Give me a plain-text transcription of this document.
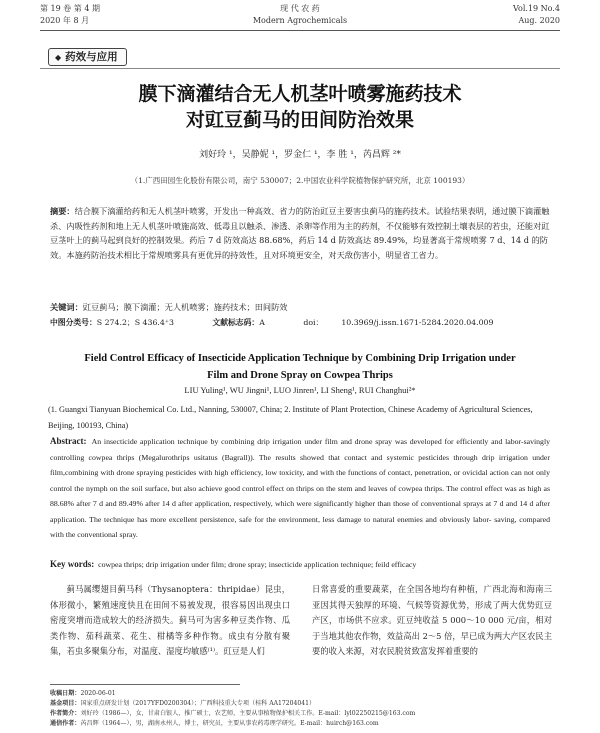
第 19 卷 第 4 期
2020 年 8 月
现 代 农 药
Modern Agrochemicals
Vol.19 No.4
Aug. 2020
◆ 药效与应用
膜下滴灌结合无人机茎叶喷雾施药技术
对豇豆蓟马的田间防治效果
刘好玲 ¹，吴静妮 ¹，罗金仁 ¹，李 胜 ¹，芮昌辉 ²*
（1.广西田园生化股份有限公司，南宁 530007；2.中国农业科学院植物保护研究所，北京 100193）
摘要：结合膜下滴灌给药和无人机茎叶喷雾，开发出一种高效、省力的防治豇豆主要害虫蓟马的施药技术。试验结果表明，通过膜下滴灌触杀、内吸性药剂和地上无人机茎叶喷施高效、低毒且以触杀、渗透、杀卵等作用为主的药剂，不仅能够有效控制土壤表层的若虫，还能对豇豆茎叶上的蓟马起到良好的控制效果。药后 7 d 防效高达 88.68%，药后 14 d 防效高达 89.49%，均显著高于常规喷雾 7 d、14 d 的防效。本施药防治技术相比于常规喷雾具有更优异的持效性，且对环境更安全，对天敌伤害小，明显省工省力。
关键词：豇豆蓟马；膜下滴灌；无人机喷雾；施药技术；田间防效
中图分类号：S 274.2；S 436.4⁺3	文献标志码：A	doi： 10.3969/j.issn.1671-5284.2020.04.009
Field Control Efficacy of Insecticide Application Technique by Combining Drip Irrigation under
Film and Drone Spray on Cowpea Thrips
LIU Yuling¹, WU Jingni¹, LUO Jinren¹, LI Sheng¹, RUI Changhui²*
(1. Guangxi Tianyuan Biochemical Co. Ltd., Nanning, 530007, China; 2. Institute of Plant Protection, Chinese Academy of Agricultural Sciences, Beijing, 100193, China)
Abstract: An insecticide application technique by combining drip irrigation under film and drone spray was developed for efficiently and labor-savingly controlling cowpea thrips (Megalurothrips usitatus (Bagrall)). The results showed that contact and systemic pesticides through drip irrigation under film,combining with drone spraying pesticides with high efficiency, low toxicity, and with the functions of contact, penetration, or ovicidal action can not only control the nymph on the soil surface, but also achieve good control effect on thrips on the stem and leaves of cowpea thrips. The control effect was as high as 88.68% after 7 d and 89.49% after 14 d after application, respectively, which were significantly higher than those of conventional sprays at 7 d and 14 d after application. The technique has more excellent persistence, safe for the environment, less damage to natural enemies and obviously labor- saving, compared with the conventional spray.
Key words: cowpea thrips; drip irrigation under film; drone spray; insecticide application technique; feild efficacy
蓟马属缨翅目蓟马科（Thysanoptera：thripidae）昆虫，体形微小，繁殖速度快且在田间不易被发现，很容易因出现虫口密度突增而造成较大的经济损失。蓟马可为害多种豆类作物、瓜类作物、茄科蔬菜、花生、柑橘等多种作物。成虫有分散有聚集，若虫多聚集分布，对温度、湿度均敏感⁽¹⁾。豇豆是人们
日常喜爱的重要蔬菜，在全国各地均有种植，广西北海和海南三亚因其得天独厚的环境、气候等资源优势，形成了两大优势豇豆产区，市场供不应求。豇豆纯收益 5 000～10 000 元/亩，相对于当地其他农作物，效益高出 2～5 倍，早已成为两大产区农民主要的收入来源，对农民脱贫致富发挥着重要的
收稿日期：2020-06-01
基金项目：国家重点研发计划（2017YFD0200304）；广西科技重大专项（桂科 AA17204041）
作者简介：刘好玲（1986—），女，甘肃白银人，推广硕士，农艺师，主要从事植物保护相关工作。E-mail：lyl02250215@163.com
通信作者：芮昌辉（1964—），男，湖南永州人，博士，研究员，主要从事农药毒理学研究。E-mail：huirch@163.com
